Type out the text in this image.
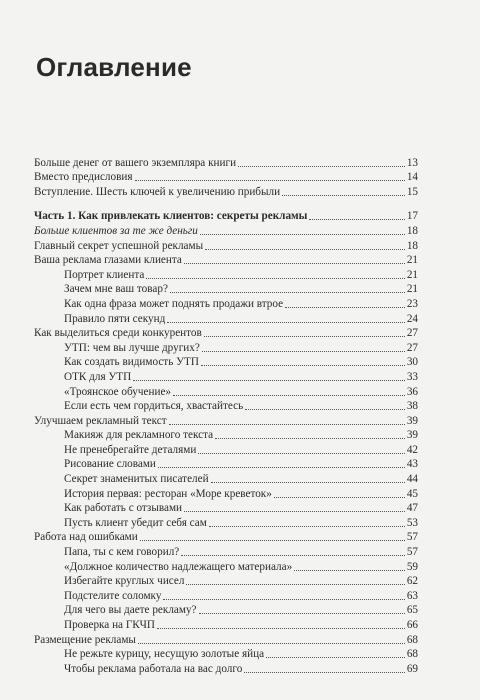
Оглавление
Больше денег от вашего экземпляра книги	13
Вместо предисловия	14
Вступление. Шесть ключей к увеличению прибыли	15
Часть 1. Как привлекать клиентов: секреты рекламы	17
Больше клиентов за те же деньги	18
Главный секрет успешной рекламы	18
Ваша реклама глазами клиента	21
Портрет клиента	21
Зачем мне ваш товар?	21
Как одна фраза может поднять продажи втрое	23
Правило пяти секунд	24
Как выделиться среди конкурентов	27
УТП: чем вы лучше других?	27
Как создать видимость УТП	30
ОТК для УТП	33
«Троянское обучение»	36
Если есть чем гордиться, хвастайтесь	38
Улучшаем рекламный текст	39
Макияж для рекламного текста	39
Не пренебрегайте деталями	42
Рисование словами	43
Секрет знаменитых писателей	44
История первая: ресторан «Море креветок»	45
Как работать с отзывами	47
Пусть клиент убедит себя сам	53
Работа над ошибками	57
Папа, ты с кем говорил?	57
«Должное количество надлежащего материала»	59
Избегайте круглых чисел	62
Подстелите соломку	63
Для чего вы даете рекламу?	65
Проверка на ГКЧП	66
Размещение рекламы	68
Не режьте курицу, несущую золотые яйца	68
Чтобы реклама работала на вас долго	69
